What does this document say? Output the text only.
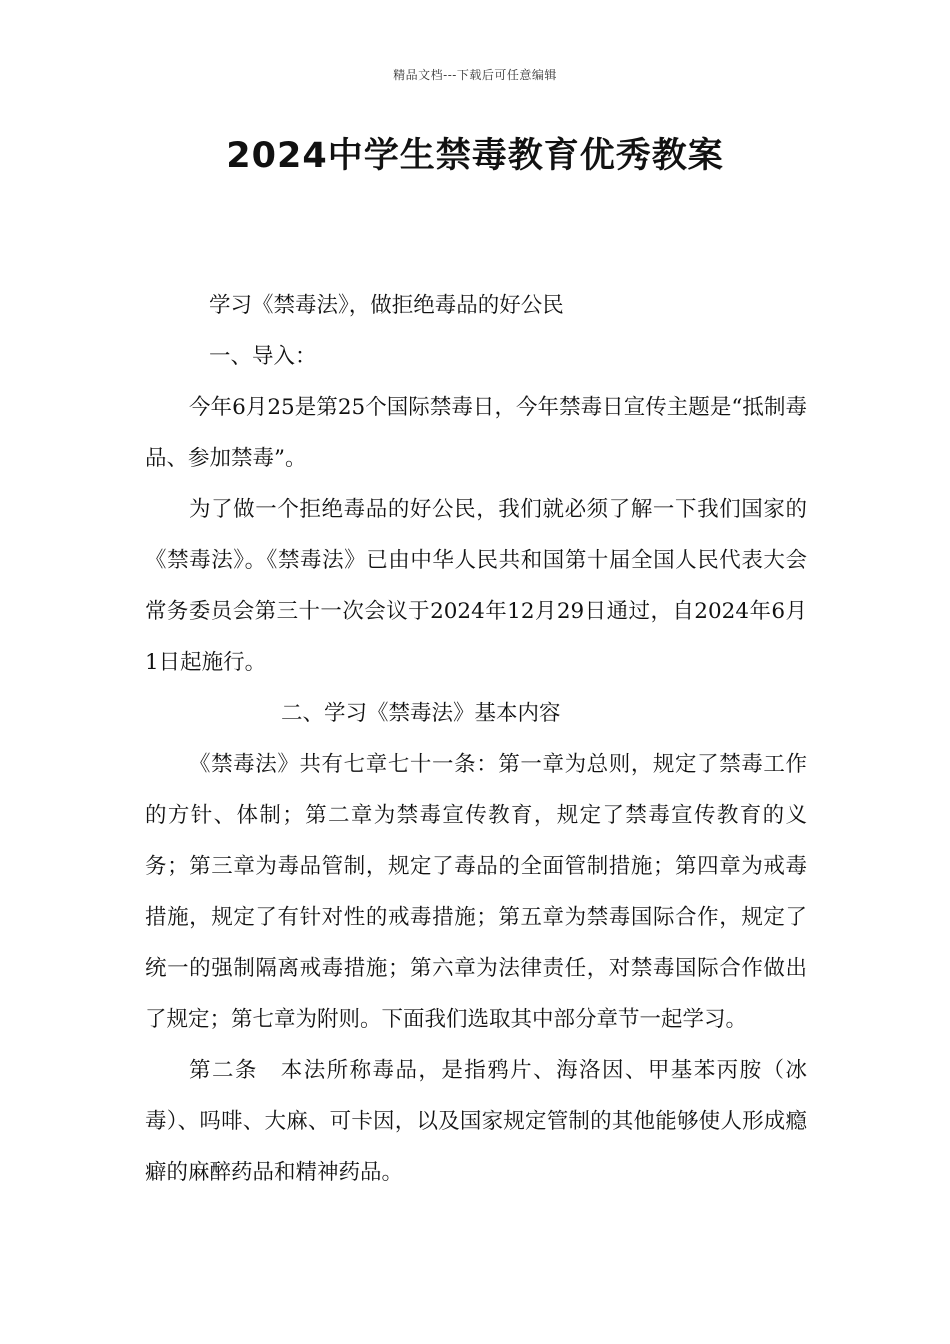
精品文档---下载后可任意编辑
2024中学生禁毒教育优秀教案

学习《禁毒法》，做拒绝毒品的好公民

一、导入：

今年6月25是第25个国际禁毒日，今年禁毒日宣传主题是“抵制毒品、参加禁毒”。

为了做一个拒绝毒品的好公民，我们就必须了解一下我们国家的《禁毒法》。《禁毒法》已由中华人民共和国第十届全国人民代表大会常务委员会第三十一次会议于2024年12月29日通过，自2024年6月1日起施行。

二、学习《禁毒法》基本内容

《禁毒法》共有七章七十一条：第一章为总则，规定了禁毒工作的方针、体制；第二章为禁毒宣传教育，规定了禁毒宣传教育的义务；第三章为毒品管制，规定了毒品的全面管制措施；第四章为戒毒措施，规定了有针对性的戒毒措施；第五章为禁毒国际合作，规定了统一的强制隔离戒毒措施；第六章为法律责任，对禁毒国际合作做出了规定；第七章为附则。下面我们选取其中部分章节一起学习。

第二条　本法所称毒品，是指鸦片、海洛因、甲基苯丙胺（冰毒）、吗啡、大麻、可卡因，以及国家规定管制的其他能够使人形成瘾癖的麻醉药品和精神药品。
